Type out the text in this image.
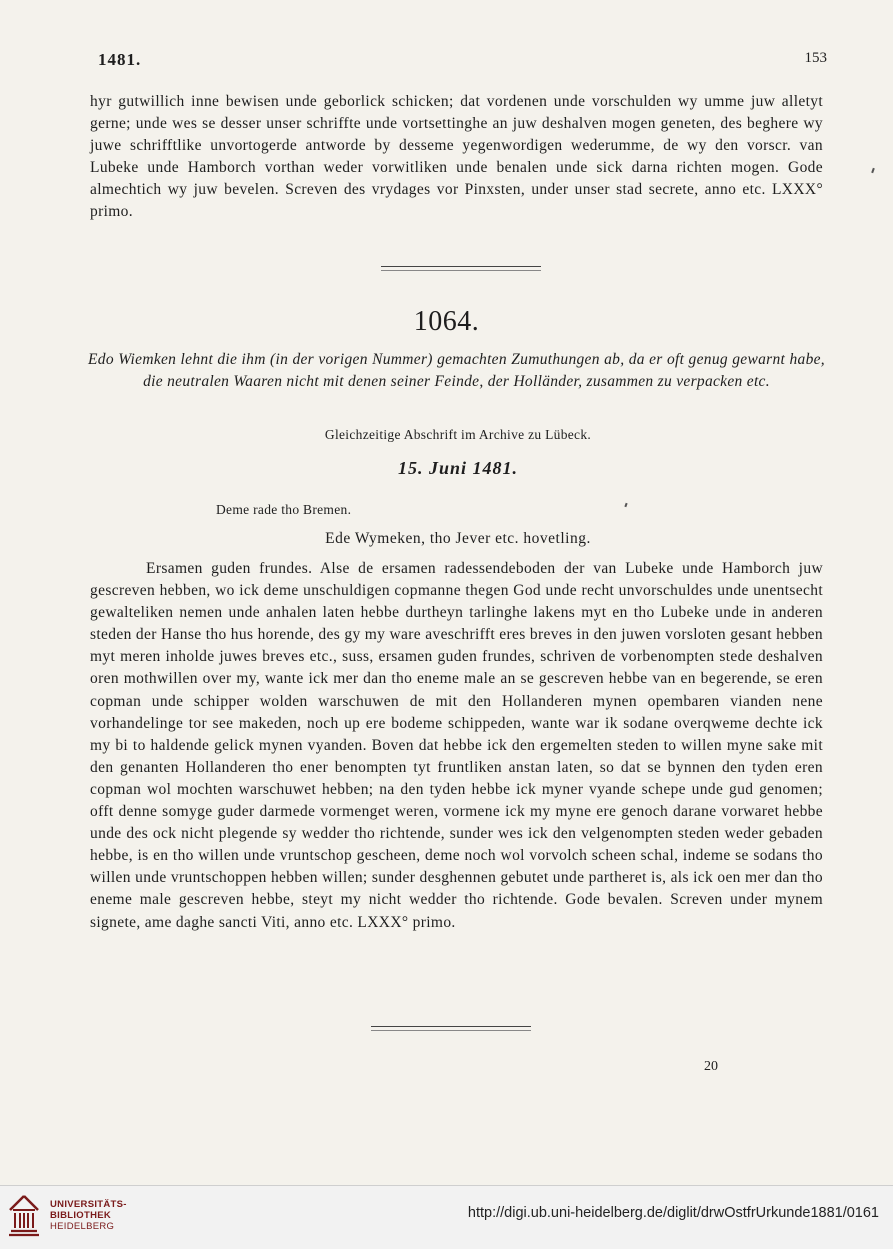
1481.	153
hyr gutwillich inne bewisen unde geborlick schicken; dat vordenen unde vorschulden wy umme juw alletyt gerne; unde wes se desser unser schriffte unde vortsettinghe an juw deshalven mogen geneten, des beghere wy juwe schrifftlike unvortogerde antworde by desseme yegenwordigen wederumme, de wy den vorscr. van Lubeke unde Hamborch vorthan weder vorwitliken unde benalen unde sick darna richten mogen. Gode almechtich wy juw bevelen. Screven des vrydages vor Pinxsten, under unser stad secrete, anno etc. LXXX° primo.
1064.
Edo Wiemken lehnt die ihm (in der vorigen Nummer) gemachten Zumuthungen ab, da er oft genug gewarnt habe, die neutralen Waaren nicht mit denen seiner Feinde, der Holländer, zusammen zu verpacken etc.
Gleichzeitige Abschrift im Archive zu Lübeck.
15. Juni 1481.
Deme rade tho Bremen.
Ede Wymeken, tho Jever etc. hovetling.
Ersamen guden frundes. Alse de ersamen radessendeboden der van Lubeke unde Hamborch juw gescreven hebben, wo ick deme unschuldigen copmanne thegen God unde recht unvorschuldes unde unentsecht gewalteliken nemen unde anhalen laten hebbe durtheyn tarlinghe lakens myt en tho Lubeke unde in anderen steden der Hanse tho hus horende, des gy my ware aveschrifft eres breves in den juwen vorsloten gesant hebben myt meren inholde juwes breves etc., suss, ersamen guden frundes, schriven de vorbenompten stede deshalven oren mothwillen over my, wante ick mer dan tho eneme male an se gescreven hebbe van en begerende, se eren copman unde schipper wolden warschuwen de mit den Hollanderen mynen opembaren vianden nene vorhandelinge tor see makeden, noch up ere bodeme schippeden, wante war ik sodane overqweme dechte ick my bi to haldende gelick mynen vyanden. Boven dat hebbe ick den ergemelten steden to willen myne sake mit den genanten Hollanderen tho ener benompten tyt fruntliken anstan laten, so dat se bynnen den tyden eren copman wol mochten warschuwet hebben; na den tyden hebbe ick myner vyande schepe unde gud genomen; offt denne somyge guder darmede vormenget weren, vormene ick my myne ere genoch darane vorwaret hebbe unde des ock nicht plegende sy wedder tho richtende, sunder wes ick den velgenompten steden weder gebaden hebbe, is en tho willen unde vruntschop gescheen, deme noch wol vorvolch scheen schal, indeme se sodans tho willen unde vruntschoppen hebben willen; sunder desghennen gebutet unde partheret is, als ick oen mer dan tho eneme male gescreven hebbe, steyt my nicht wedder tho richtende. Gode bevalen. Screven under mynem signete, ame daghe sancti Viti, anno etc. LXXX° primo.
20
UNIVERSITÄTS-
BIBLIOTHEK
HEIDELBERG
http://digi.ub.uni-heidelberg.de/diglit/drwOstfrUrkunde1881/0161
